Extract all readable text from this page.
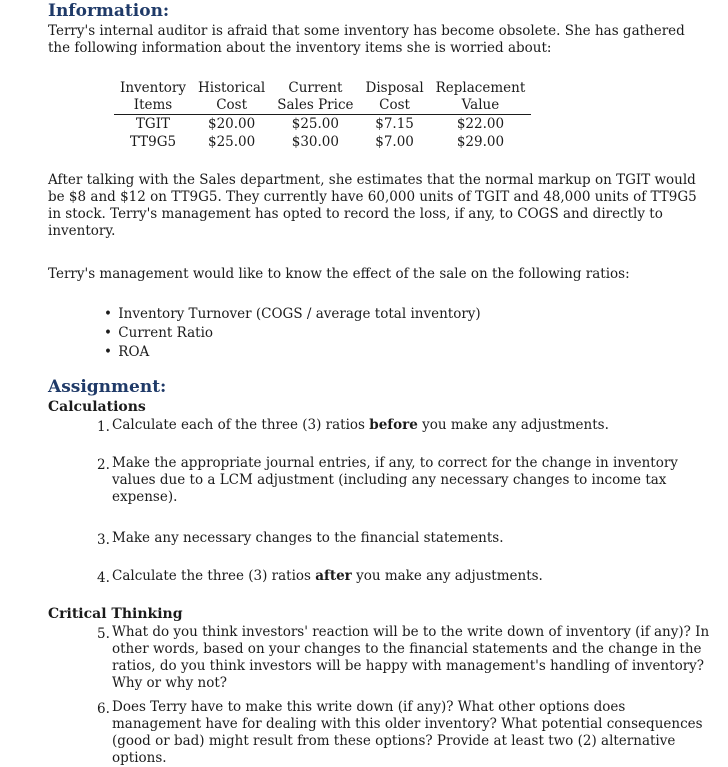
Information:

Terry's internal auditor is afraid that some inventory has become obsolete. She has gathered the following information about the inventory items she is worried about:

Inventory	Historical	Current	Disposal	Replacement
Items	Cost	Sales Price	Cost	Value
TGIT	$20.00	$25.00	$7.15	$22.00
TT9G5	$25.00	$30.00	$7.00	$29.00

After talking with the Sales department, she estimates that the normal markup on TGIT would be $8 and $12 on TT9G5. They currently have 60,000 units of TGIT and 48,000 units of TT9G5 in stock. Terry's management has opted to record the loss, if any, to COGS and directly to inventory.

Terry's management would like to know the effect of the sale on the following ratios:

• Inventory Turnover (COGS / average total inventory)
• Current Ratio
• ROA
Assignment:
Calculations
1. Calculate each of the three (3) ratios before you make any adjustments.
2. Make the appropriate journal entries, if any, to correct for the change in inventory values due to a LCM adjustment (including any necessary changes to income tax expense).
3. Make any necessary changes to the financial statements.
4. Calculate the three (3) ratios after you make any adjustments.
Critical Thinking
5. What do you think investors' reaction will be to the write down of inventory (if any)? In other words, based on your changes to the financial statements and the change in the ratios, do you think investors will be happy with management's handling of inventory? Why or why not?
6. Does Terry have to make this write down (if any)? What other options does management have for dealing with this older inventory? What potential consequences (good or bad) might result from these options? Provide at least two (2) alternative options.
